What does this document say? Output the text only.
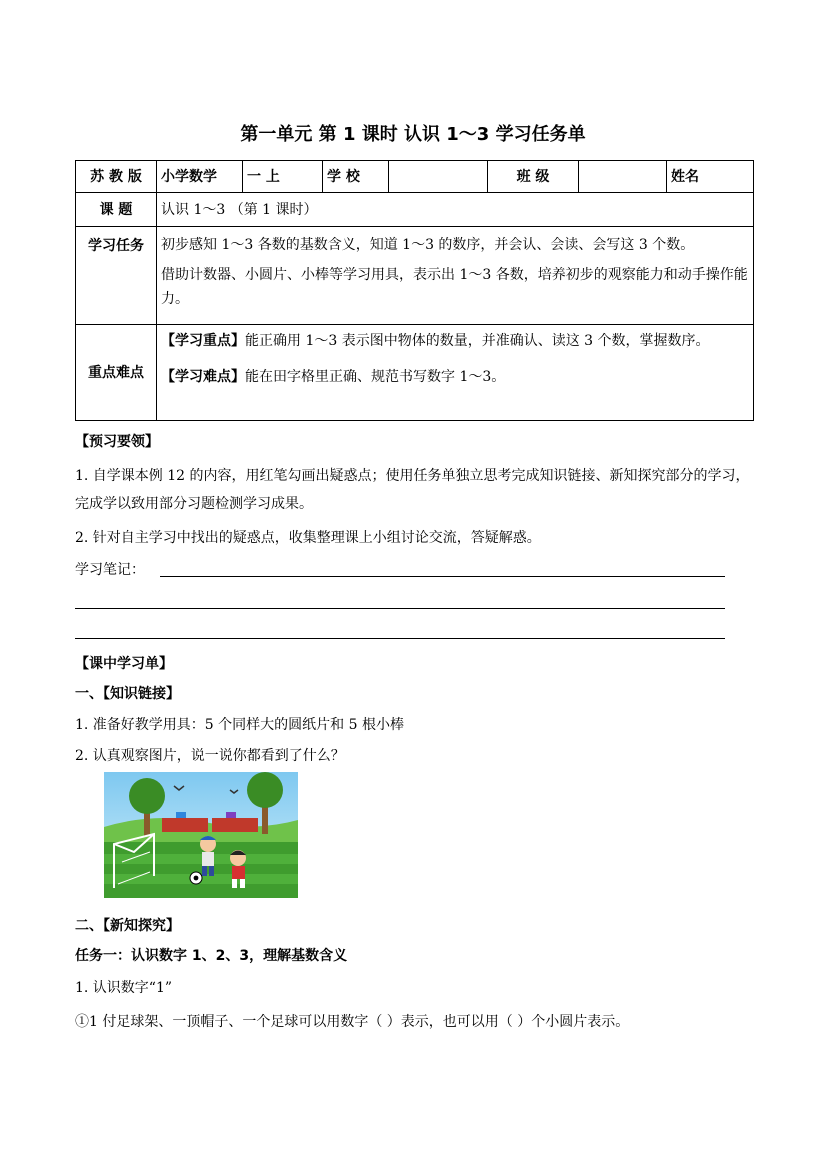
第一单元 第 1 课时 认识 1～3 学习任务单
苏 教 版	小学数学	一 上	学 校		班 级		姓名
课 题	认识 1～3 （第 1 课时）						
学习任务	初步感知 1～3 各数的基数含义，知道 1～3 的数序，并会认、会读、会写这 3 个数。

借助计数器、小圆片、小棒等学习用具，表示出 1～3 各数，培养初步的观察能力和动手操作能力。						

重点难点	【学习重点】能正确用 1～3 表示图中物体的数量，并准确认、读这 3 个数，掌握数序。

【学习难点】能在田字格里正确、规范书写数字 1～3。						

【预习要领】
1. 自学课本例 12 的内容，用红笔勾画出疑惑点；使用任务单独立思考完成知识链接、新知探究部分的学习，完成学以致用部分习题检测学习成果。
2. 针对自主学习中找出的疑惑点，收集整理课上小组讨论交流，答疑解惑。
学习笔记：
【课中学习单】
一、【知识链接】
1. 准备好教学用具：5 个同样大的圆纸片和 5 根小棒
2. 认真观察图片，说一说你都看到了什么？
二、【新知探究】
任务一：认识数字 1、2、3，理解基数含义
1. 认识数字“1”
①1 付足球架、一顶帽子、一个足球可以用数字（ ）表示，也可以用（ ）个小圆片表示。
